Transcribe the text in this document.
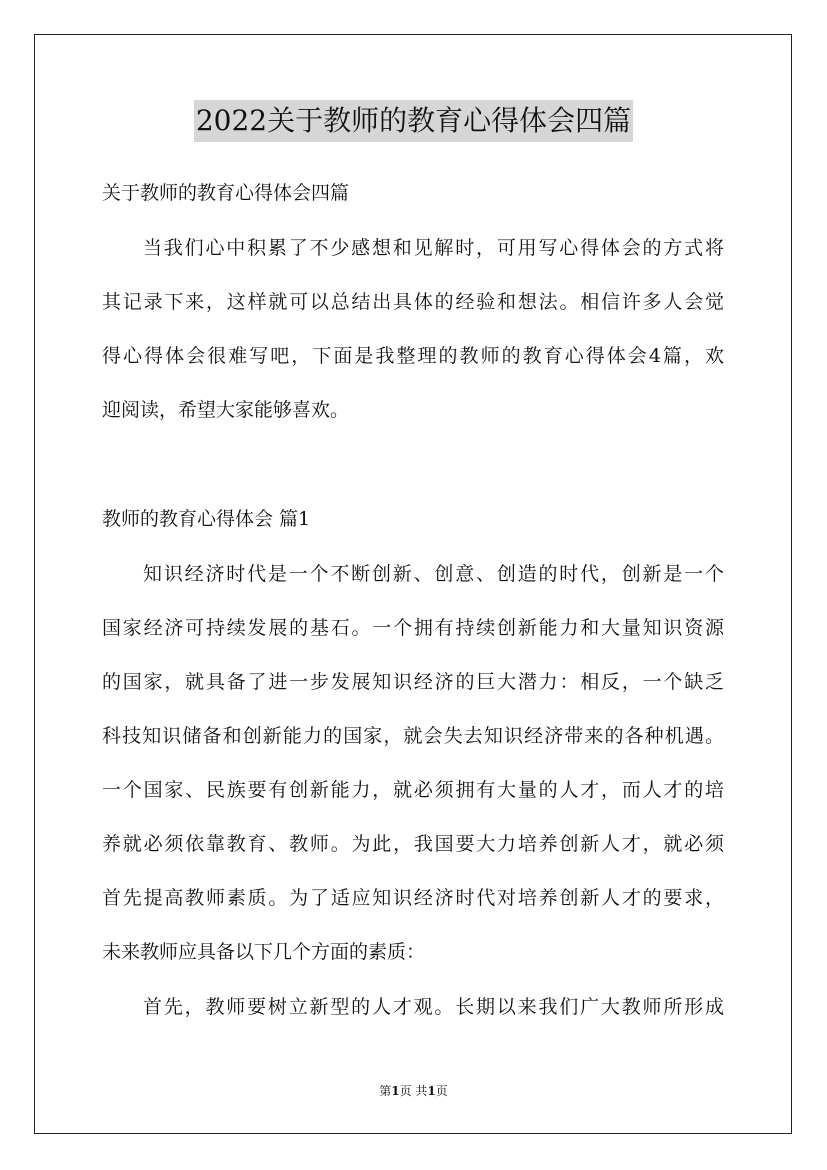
2022关于教师的教育心得体会四篇
关于教师的教育心得体会四篇
当我们心中积累了不少感想和见解时，可用写心得体会的方式将
其记录下来，这样就可以总结出具体的经验和想法。相信许多人会觉
得心得体会很难写吧，下面是我整理的教师的教育心得体会4篇，欢
迎阅读，希望大家能够喜欢。
教师的教育心得体会 篇1
知识经济时代是一个不断创新、创意、创造的时代，创新是一个
国家经济可持续发展的基石。一个拥有持续创新能力和大量知识资源
的国家，就具备了进一步发展知识经济的巨大潜力：相反，一个缺乏
科技知识储备和创新能力的国家，就会失去知识经济带来的各种机遇。
一个国家、民族要有创新能力，就必须拥有大量的人才，而人才的培
养就必须依靠教育、教师。为此，我国要大力培养创新人才，就必须
首先提高教师素质。为了适应知识经济时代对培养创新人才的要求，
未来教师应具备以下几个方面的素质：
首先，教师要树立新型的人才观。长期以来我们广大教师所形成
第1页 共1页
